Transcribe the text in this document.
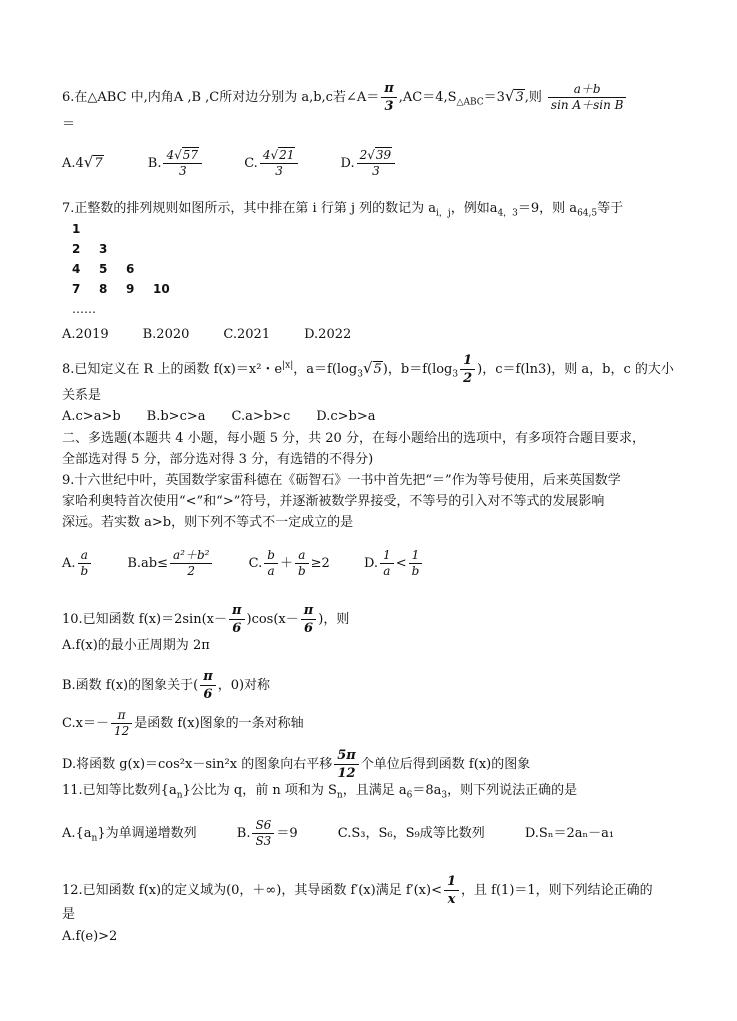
6.在△ABC 中,内角A ,B ,C所对边分别为 a,b,c若∠A＝ $\frac{\pi}{3} ,AC=4,S_{\triangle ABC}=3√3$,则 $\frac{a+b}{\text{sin A＋sin B}}$
＝
A.4√7	B. $\frac{4√57}{3}$	C. $\frac{4√21}{3}$	D. $\frac{2√39}{3}$
7.正整数的排列规则如图所示，其中排在第 i 行第 j 列的数记为 $a_{i,j}$，例如$a_{4,3}=9$，则 $a_{64,5}$等于
1
2 3
4 5 6
7 8 9 10
……
A.2019	B.2020	C.2021	D.2022
8.已知定义在 R 上的函数 f(x)＝x²・$e^{|x|}$，$a=f(\log_3√5)$，$b=f(\log_3 \frac{1}{2}$ )，c＝f(ln3)，则 a，b，c 的大小
关系是
A.c>a>b B.b>c>a C.a>b>c D.c>b>a
二、多选题(本题共 4 小题，每小题 5 分，共 20 分，在每小题给出的选项中，有多项符合题目要求，
全部选对得 5 分，部分选对得 3 分，有选错的不得分)
9.十六世纪中叶，英国数学家雷科德在《砺智石》一书中首先把“＝”作为等号使用，后来英国数学
家哈利奥特首次使用“<”和“>”符号，并逐渐被数学界接受，不等号的引入对不等式的发展影响
深远。若实数 a>b，则下列不等式不一定成立的是
A. $\frac{a}{b}$	$B.ab\le \frac{\text{a²＋b²}}{2}$	C. $\frac{b}{a} + \frac{a}{b} \ge 2$	D. $\frac{1}{a} < \frac{1}{b}$
10.已知函数 $f(x)=2\sin(x- \frac{\pi}{6} )\cos(x- \frac{\pi}{6}$ )，则
A.f(x)的最小正周期为 2π
B.函数 f(x)的图象关于( $\frac{\pi}{6}$ ，0)对称
$C.x=- \frac{\pi}{12}$ 是函数 f(x)图象的一条对称轴
D.将函数 g(x)＝cos²x－sin²x 的图象向右平移 $\frac{5\pi}{12}$ 个单位后得到函数 f(x)的图象
11.已知等比数列$\{a_n\}$公比为 q，前 n 项和为 $S_n$，且满足 $a_6=8a_3$，则下列说法正确的是
$A.\{a_n\}$为单调递增数列	B. $\frac{S6}{S3} =9$	C.S₃，S₆，S₉成等比数列	D.Sₙ＝2aₙ－a₁
12.已知函数 f(x)的定义域为(0，＋∞)，其导函数 f′(x)满足 $f'(x)< \frac{1}{x}$ ，且 f(1)＝1，则下列结论正确的
是
A.f(e)>2
